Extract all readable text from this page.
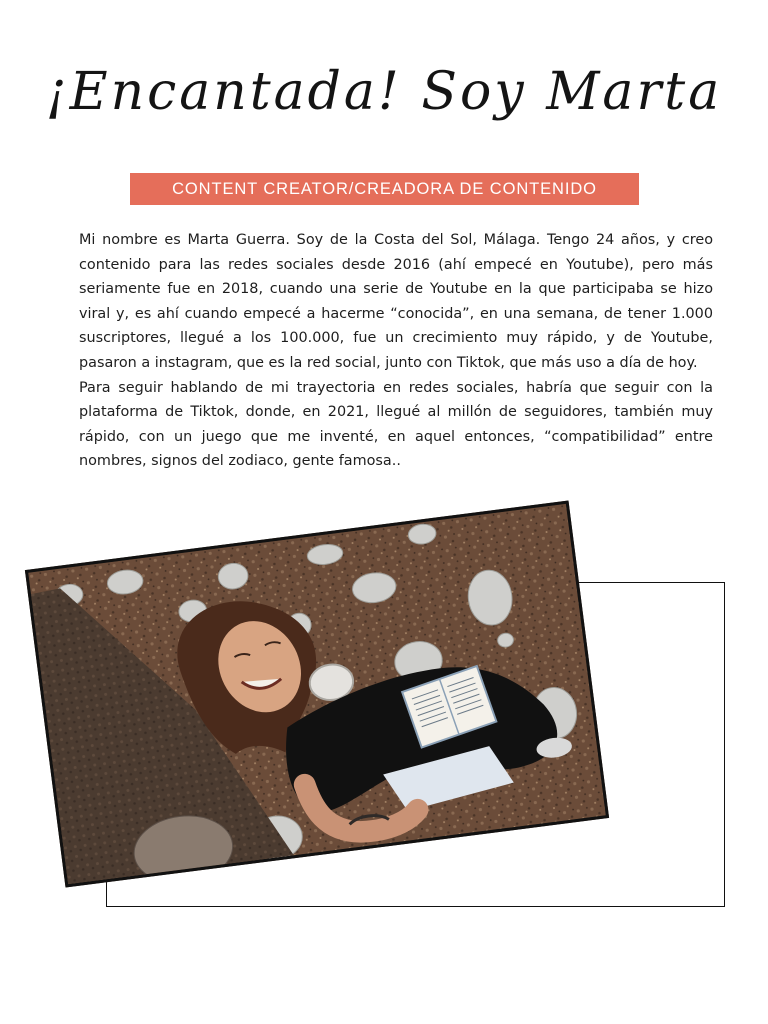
¡Encantada! Soy Marta
CONTENT CREATOR/CREADORA DE CONTENIDO

Mi nombre es Marta Guerra. Soy de la Costa del Sol, Málaga. Tengo 24 años, y creo contenido para las redes sociales desde 2016 (ahí empecé en Youtube), pero más seriamente fue en 2018, cuando una serie de Youtube en la que participaba se hizo viral y, es ahí cuando empecé a hacerme “conocida”, en una semana, de tener 1.000 suscriptores, llegué a los 100.000, fue un crecimiento muy rápido, y de Youtube, pasaron a instagram, que es la red social, junto con Tiktok, que más uso a día de hoy.

Para seguir hablando de mi trayectoria en redes sociales, habría que seguir con la plataforma de Tiktok, donde, en 2021, llegué al millón de seguidores, también muy rápido, con un juego que me inventé, en aquel entonces, “compatibilidad” entre nombres, signos del zodiaco, gente famosa..
